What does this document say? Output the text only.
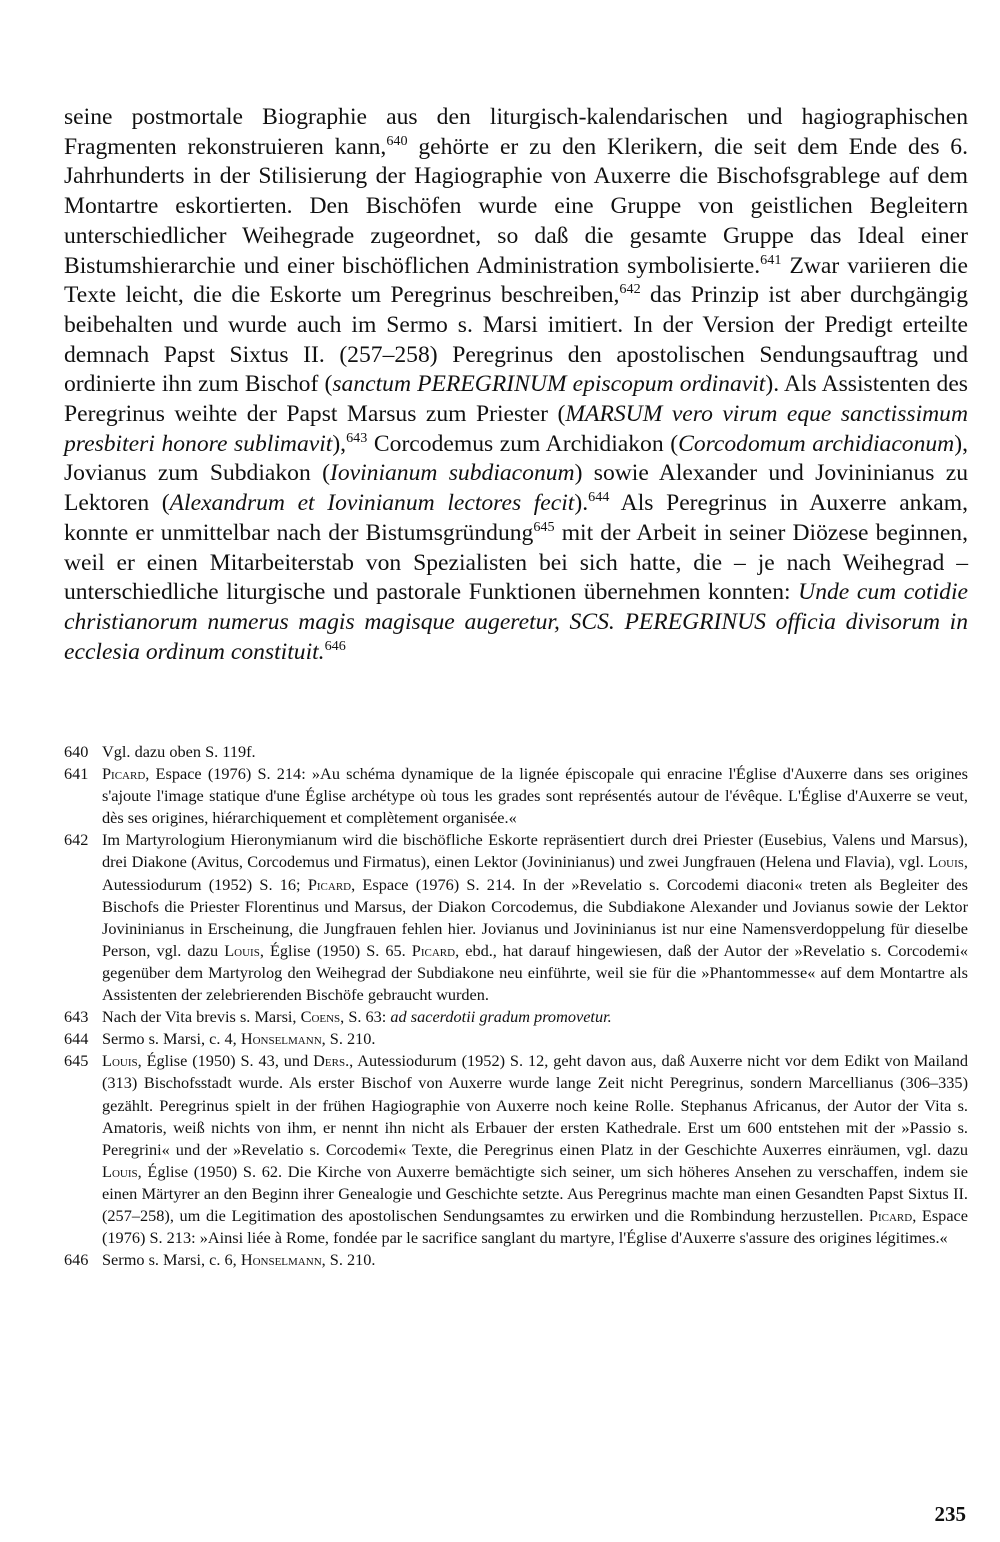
seine postmortale Biographie aus den liturgisch-kalendarischen und hagiographischen Fragmenten rekonstruieren kann,$^{640}$ gehörte er zu den Klerikern, die seit dem Ende des 6. Jahrhunderts in der Stilisierung der Hagiographie von Auxerre die Bischofsgrablege auf dem Montartre eskortierten. Den Bischöfen wurde eine Gruppe von geistlichen Begleitern unterschiedlicher Weihegrade zugeordnet, so daß die gesamte Gruppe das Ideal einer Bistumshierarchie und einer bischöflichen Administration symbolisierte.$^{641}$ Zwar variieren die Texte leicht, die die Eskorte um Peregrinus beschreiben,$^{642}$ das Prinzip ist aber durchgängig beibehalten und wurde auch im Sermo s. Marsi imitiert. In der Version der Predigt erteilte demnach Papst Sixtus II. (257–258) Peregrinus den apostolischen Sendungsauftrag und ordinierte ihn zum Bischof (sanctum PEREGRINUM episcopum ordinavit). Als Assistenten des Peregrinus weihte der Papst Marsus zum Priester (MARSUM vero virum eque sanctissimum presbiteri honore sublimavit),$^{643}$ Corcodemus zum Archidiakon (Corcodomum archidiaconum), Jovianus zum Subdiakon (Iovinianum subdiaconum) sowie Alexander und Jovininianus zu Lektoren (Alexandrum et Iovinianum lectores fecit).$^{644}$ Als Peregrinus in Auxerre ankam, konnte er unmittelbar nach der Bistumsgründung$^{645}$ mit der Arbeit in seiner Diözese beginnen, weil er einen Mitarbeiterstab von Spezialisten bei sich hatte, die – je nach Weihegrad – unterschiedliche liturgische und pastorale Funktionen übernehmen konnten: Unde cum cotidie christianorum numerus magis magisque augeretur, SCS. PEREGRINUS officia divisorum in ecclesia ordinum constituit.$^{646}$

640 Vgl. dazu oben S. 119f.

641 Picard, Espace (1976) S. 214: »Au schéma dynamique de la lignée épiscopale qui enracine l'Église d'Auxerre dans ses origines s'ajoute l'image statique d'une Église archétype où tous les grades sont représentés autour de l'évêque. L'Église d'Auxerre se veut, dès ses origines, hiérarchiquement et complètement organisée.«

642 Im Martyrologium Hieronymianum wird die bischöfliche Eskorte repräsentiert durch drei Priester (Eusebius, Valens und Marsus), drei Diakone (Avitus, Corcodemus und Firmatus), einen Lektor (Jovininianus) und zwei Jungfrauen (Helena und Flavia), vgl. Louis, Autessiodurum (1952) S. 16; Picard, Espace (1976) S. 214. In der »Revelatio s. Corcodemi diaconi« treten als Begleiter des Bischofs die Priester Florentinus und Marsus, der Diakon Corcodemus, die Subdiakone Alexander und Jovianus sowie der Lektor Jovininianus in Erscheinung, die Jungfrauen fehlen hier. Jovianus und Jovininianus ist nur eine Namensverdoppelung für dieselbe Person, vgl. dazu Louis, Église (1950) S. 65. Picard, ebd., hat darauf hingewiesen, daß der Autor der »Revelatio s. Corcodemi« gegenüber dem Martyrolog den Weihegrad der Subdiakone neu einführte, weil sie für die »Phantommesse« auf dem Montartre als Assistenten der zelebrierenden Bischöfe gebraucht wurden.

643 Nach der Vita brevis s. Marsi, Coens, S. 63: ad sacerdotii gradum promovetur.

644 Sermo s. Marsi, c. 4, Honselmann, S. 210.

645 Louis, Église (1950) S. 43, und Ders., Autessiodurum (1952) S. 12, geht davon aus, daß Auxerre nicht vor dem Edikt von Mailand (313) Bischofsstadt wurde. Als erster Bischof von Auxerre wurde lange Zeit nicht Peregrinus, sondern Marcellianus (306–335) gezählt. Peregrinus spielt in der frühen Hagiographie von Auxerre noch keine Rolle. Stephanus Africanus, der Autor der Vita s. Amatoris, weiß nichts von ihm, er nennt ihn nicht als Erbauer der ersten Kathedrale. Erst um 600 entstehen mit der »Passio s. Peregrini« und der »Revelatio s. Corcodemi« Texte, die Peregrinus einen Platz in der Geschichte Auxerres einräumen, vgl. dazu Louis, Église (1950) S. 62. Die Kirche von Auxerre bemächtigte sich seiner, um sich höheres Ansehen zu verschaffen, indem sie einen Märtyrer an den Beginn ihrer Genealogie und Geschichte setzte. Aus Peregrinus machte man einen Gesandten Papst Sixtus II. (257–258), um die Legitimation des apostolischen Sendungsamtes zu erwirken und die Rombindung herzustellen. Picard, Espace (1976) S. 213: »Ainsi liée à Rome, fondée par le sacrifice sanglant du martyre, l'Église d'Auxerre s'assure des origines légitimes.«

646 Sermo s. Marsi, c. 6, Honselmann, S. 210.

235
